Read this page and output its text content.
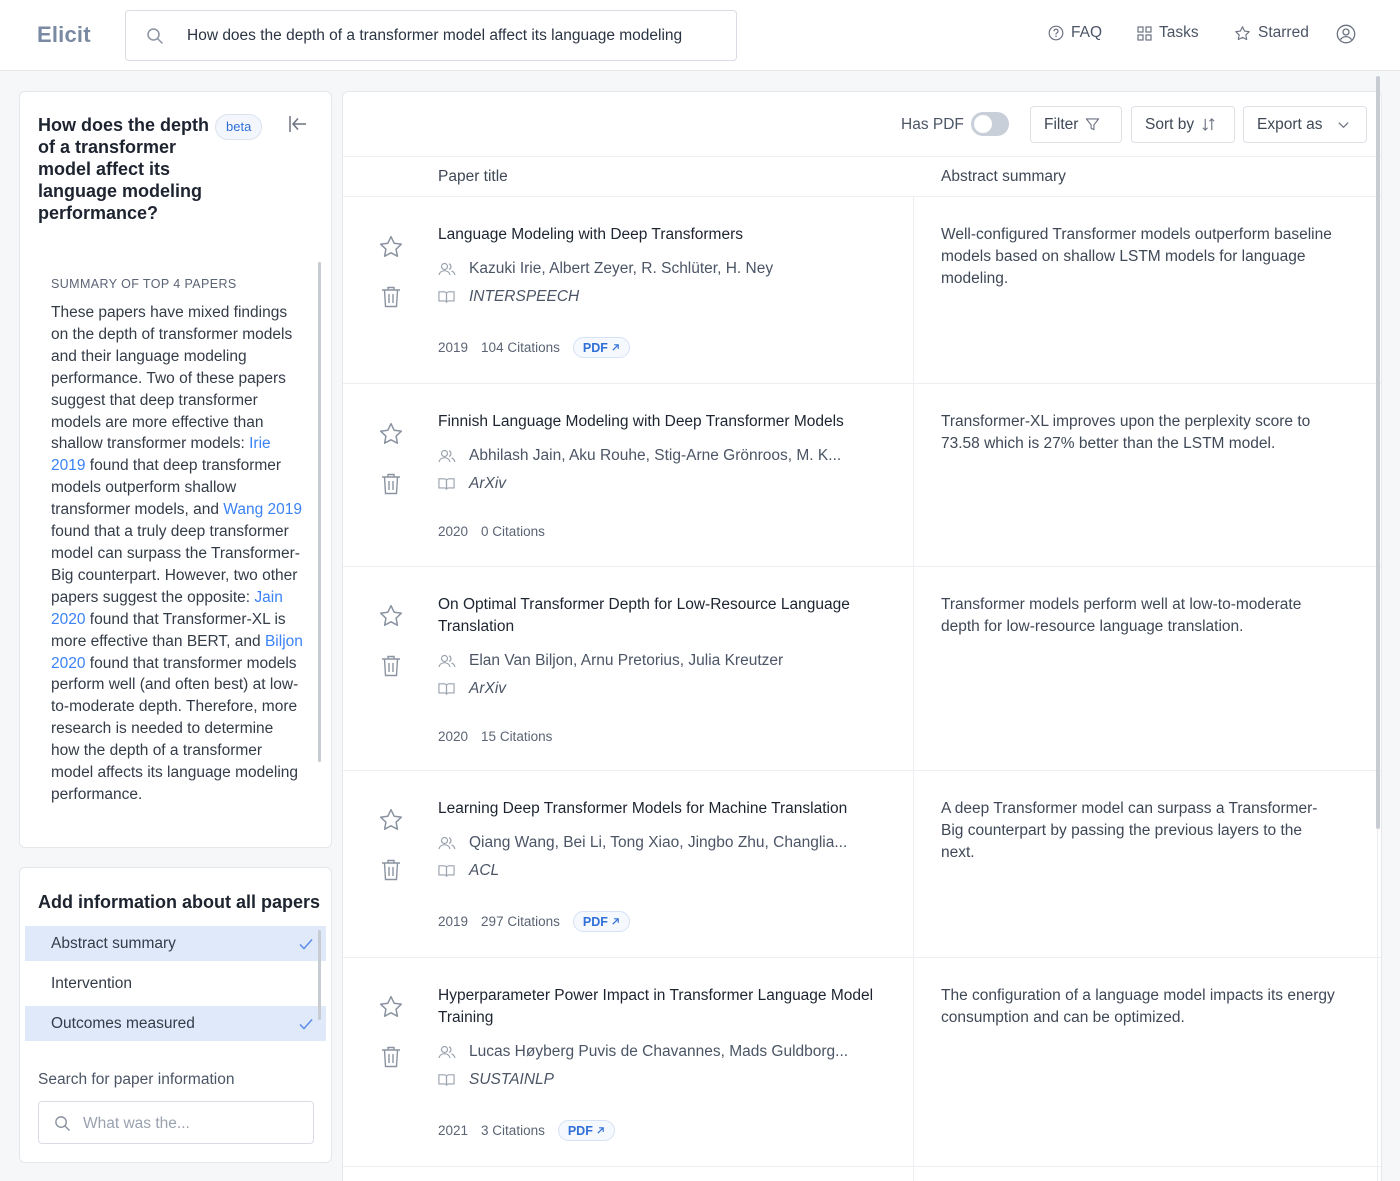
Elicit	How does the depth of a transformer model affect its language modeling	FAQ	Tasks	Starred
How does the depth of a transformer model affect its language modeling performance?
beta
SUMMARY OF TOP 4 PAPERS
These papers have mixed findings on the depth of transformer models and their language modeling performance. Two of these papers suggest that deep transformer models are more effective than shallow transformer models: Irie 2019 found that deep transformer models outperform shallow transformer models, and Wang 2019 found that a truly deep transformer model can surpass the Transformer-Big counterpart. However, two other papers suggest the opposite: Jain 2020 found that Transformer-XL is more effective than BERT, and Biljon 2020 found that transformer models perform well (and often best) at low-to-moderate depth. Therefore, more research is needed to determine how the depth of a transformer model affects its language modeling performance.
Add information about all papers
Abstract summary
Intervention
Outcomes measured
Search for paper information
What was the...
Has PDF	Filter	Sort by	Export as
Paper title	Abstract summary
Language Modeling with Deep Transformers
Kazuki Irie, Albert Zeyer, R. Schlüter, H. Ney
INTERSPEECH
2019 104 Citations PDF
Well-configured Transformer models outperform baseline models based on shallow LSTM models for language modeling.
Finnish Language Modeling with Deep Transformer Models
Abhilash Jain, Aku Rouhe, Stig-Arne Grönroos, M. K...
ArXiv
2020 0 Citations
Transformer-XL improves upon the perplexity score to 73.58 which is 27% better than the LSTM model.
On Optimal Transformer Depth for Low-Resource Language Translation
Elan Van Biljon, Arnu Pretorius, Julia Kreutzer
ArXiv
2020 15 Citations
Transformer models perform well at low-to-moderate depth for low-resource language translation.
Learning Deep Transformer Models for Machine Translation
Qiang Wang, Bei Li, Tong Xiao, Jingbo Zhu, Changlia...
ACL
2019 297 Citations PDF
A deep Transformer model can surpass a Transformer-Big counterpart by passing the previous layers to the next.
Hyperparameter Power Impact in Transformer Language Model Training
Lucas Høyberg Puvis de Chavannes, Mads Guldborg...
SUSTAINLP
2021 3 Citations PDF
The configuration of a language model impacts its energy consumption and can be optimized.
